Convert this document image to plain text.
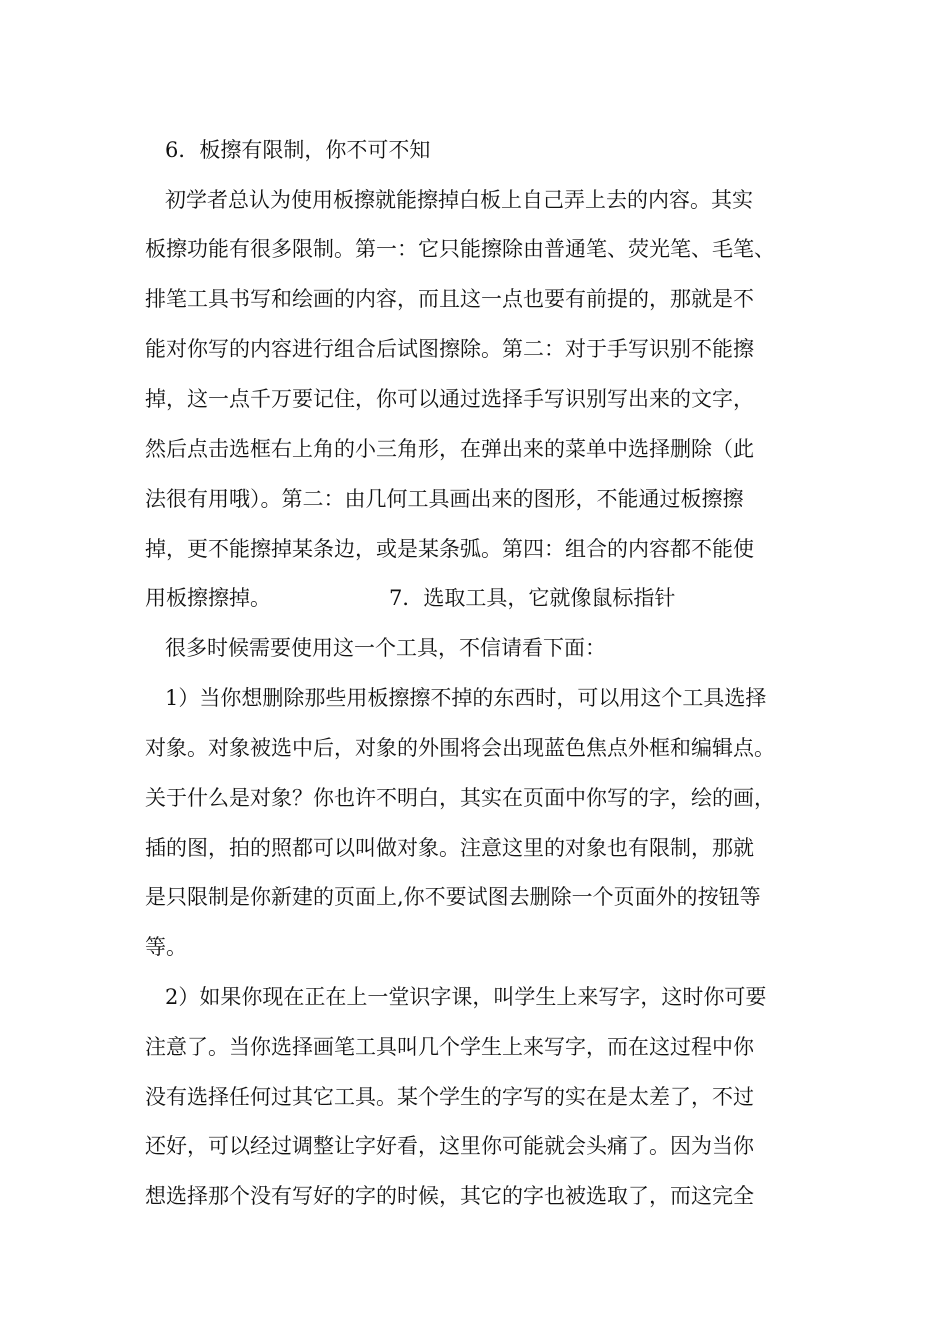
6．板擦有限制，你不可不知
初学者总认为使用板擦就能擦掉白板上自己弄上去的内容。其实
板擦功能有很多限制。第一：它只能擦除由普通笔、荧光笔、毛笔、
排笔工具书写和绘画的内容，而且这一点也要有前提的，那就是不
能对你写的内容进行组合后试图擦除。第二：对于手写识别不能擦
掉，这一点千万要记住，你可以通过选择手写识别写出来的文字，
然后点击选框右上角的小三角形，在弹出来的菜单中选择删除（此
法很有用哦）。第二：由几何工具画出来的图形，不能通过板擦擦
掉，更不能擦掉某条边，或是某条弧。第四：组合的内容都不能使
用板擦擦掉。	7．选取工具，它就像鼠标指针
很多时候需要使用这一个工具，不信请看下面：
1）当你想删除那些用板擦擦不掉的东西时，可以用这个工具选择
对象。对象被选中后，对象的外围将会出现蓝色焦点外框和编辑点。
关于什么是对象？你也许不明白，其实在页面中你写的字，绘的画，
插的图，拍的照都可以叫做对象。注意这里的对象也有限制，那就
是只限制是你新建的页面上,你不要试图去删除一个页面外的按钮等
等。
2）如果你现在正在上一堂识字课，叫学生上来写字，这时你可要
注意了。当你选择画笔工具叫几个学生上来写字，而在这过程中你
没有选择任何过其它工具。某个学生的字写的实在是太差了，不过
还好，可以经过调整让字好看，这里你可能就会头痛了。因为当你
想选择那个没有写好的字的时候，其它的字也被选取了，而这完全
